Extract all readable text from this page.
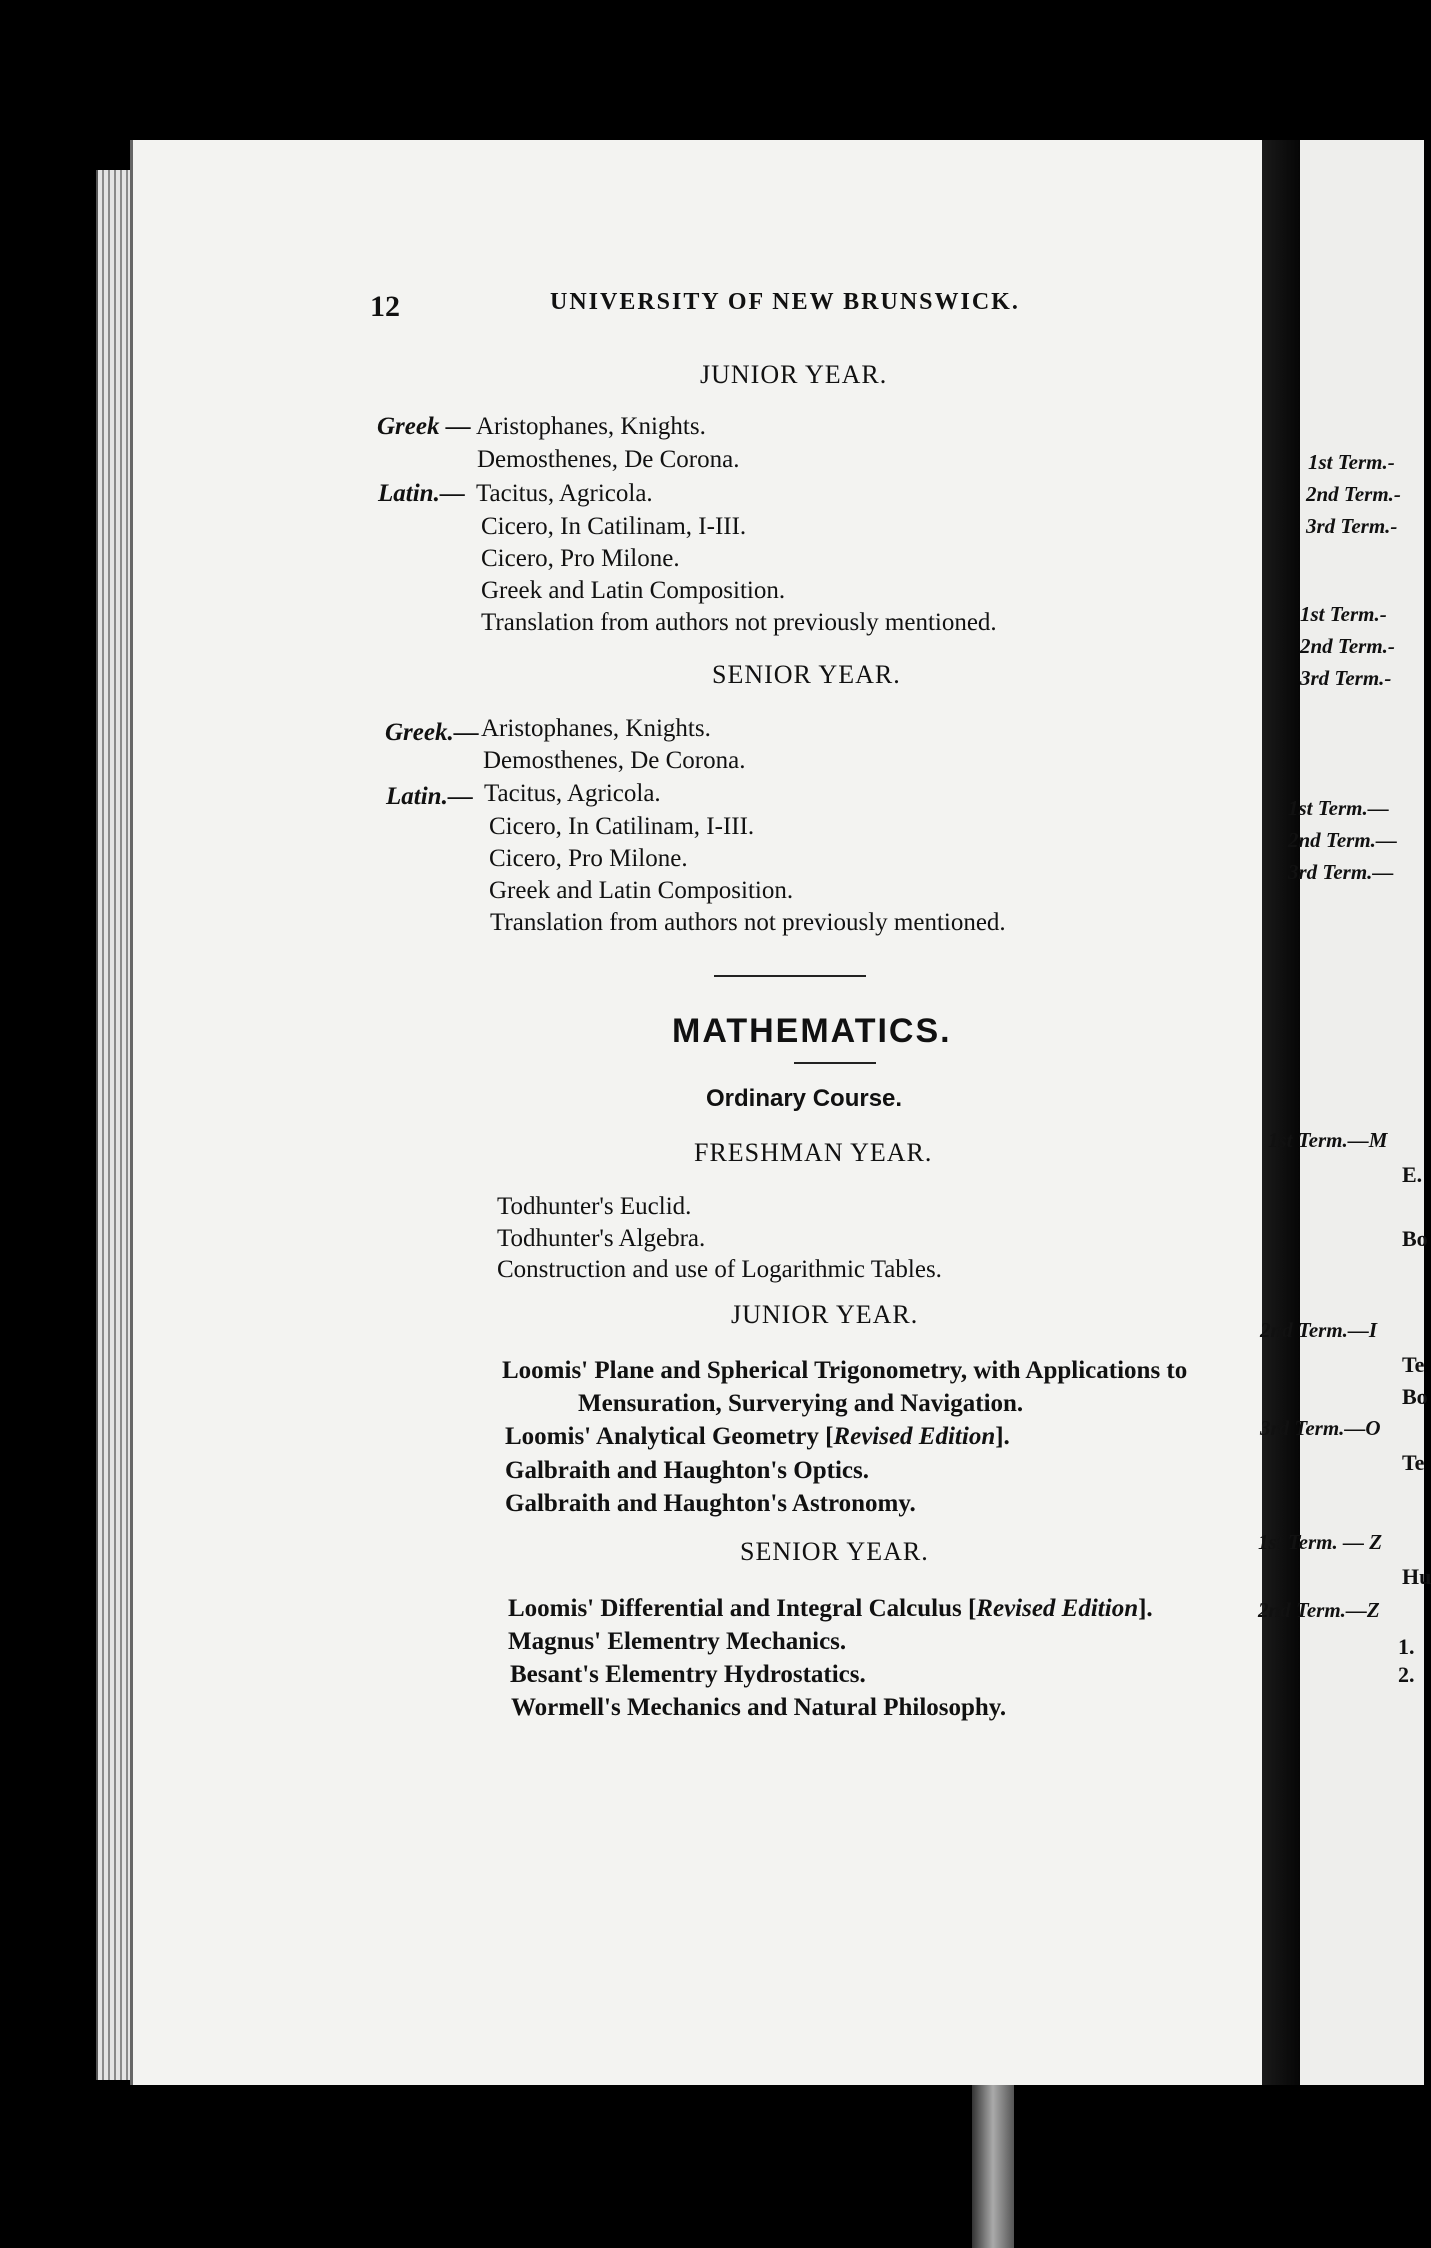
12	UNIVERSITY OF NEW BRUNSWICK.
JUNIOR YEAR.
Greek — Aristophanes, Knights.
Demosthenes, De Corona.
Latin.— Tacitus, Agricola.
Cicero, In Catilinam, I-III.
Cicero, Pro Milone.
Greek and Latin Composition.
Translation from authors not previously mentioned.
SENIOR YEAR.
Greek.— Aristophanes, Knights.
Demosthenes, De Corona.
Latin.— Tacitus, Agricola.
Cicero, In Catilinam, I-III.
Cicero, Pro Milone.
Greek and Latin Composition.
Translation from authors not previously mentioned.
MATHEMATICS.
Ordinary Course.
FRESHMAN YEAR.
Todhunter's Euclid.
Todhunter's Algebra.
Construction and use of Logarithmic Tables.
JUNIOR YEAR.
Loomis' Plane and Spherical Trigonometry, with Applications to
Mensuration, Surverying and Navigation.
Loomis' Analytical Geometry [Revised Edition].
Galbraith and Haughton's Optics.
Galbraith and Haughton's Astronomy.
SENIOR YEAR.
Loomis' Differential and Integral Calculus [Revised Edition].
Magnus' Elementry Mechanics.
Besant's Elementry Hydrostatics.
Wormell's Mechanics and Natural Philosophy.
1st Term.-
2nd Term.-
3rd Term.-
1st Term.-
2nd Term.-
3rd Term.-
1st Term.—
2nd Term.—
3rd Term.—
1st Term.—M
E.
Bo
2nd Term.—I
Te
Bo
3rd Term.—O
Te
1st Term. — Z
Hu
2nd Term.—Z
1.
2.
